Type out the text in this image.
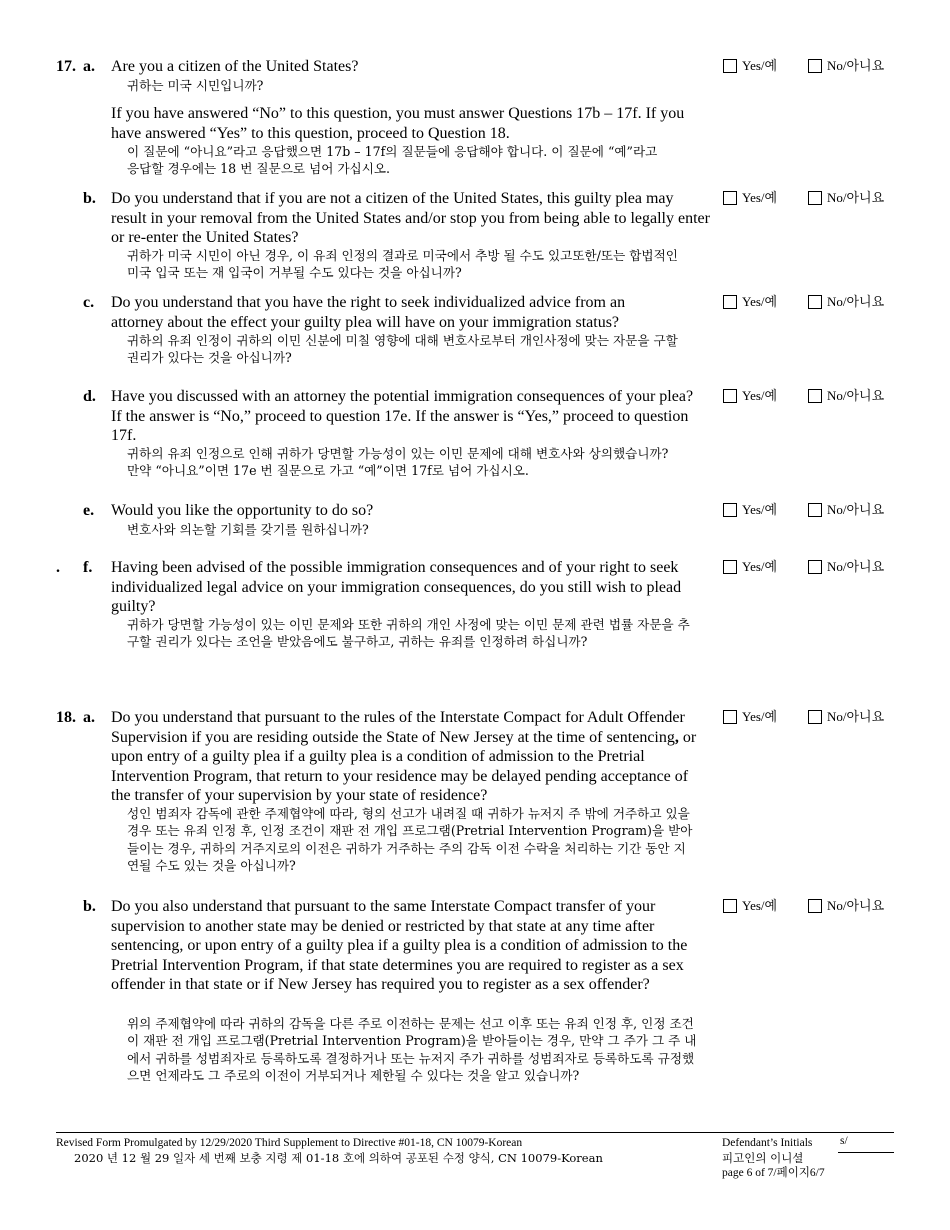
17. a. Are you a citizen of the United States?
귀하는 미국 시민입니까?
If you have answered “No” to this question, you must answer Questions 17b – 17f. If you have answered “Yes” to this question, proceed to Question 18.
이 질문에 “아니요”라고 응답했으면 17b – 17f의 질문들에 응답해야 합니다. 이 질문에 “예”라고 응답할 경우에는 18 번 질문으로 넘어 가십시오.
Yes/예	No/아니요
b. Do you understand that if you are not a citizen of the United States, this guilty plea may result in your removal from the United States and/or stop you from being able to legally enter or re-enter the United States?
귀하가 미국 시민이 아닌 경우, 이 유죄 인정의 결과로 미국에서 추방 될 수도 있고또한/또는 합법적인 미국 입국 또는 재 입국이 거부될 수도 있다는 것을 아십니까?
Yes/예	No/아니요
c. Do you understand that you have the right to seek individualized advice from an attorney about the effect your guilty plea will have on your immigration status?
귀하의 유죄 인정이 귀하의 이민 신분에 미칠 영향에 대해 변호사로부터 개인사정에 맞는 자문을 구할 권리가 있다는 것을 아십니까?
Yes/예	No/아니요
d. Have you discussed with an attorney the potential immigration consequences of your plea? If the answer is “No,” proceed to question 17e. If the answer is “Yes,” proceed to question 17f.
귀하의 유죄 인정으로 인해 귀하가 당면할 가능성이 있는 이민 문제에 대해 변호사와 상의했습니까? 만약 “아니요”이면 17e 번 질문으로 가고 “예”이면 17f로 넘어 가십시오.
Yes/예	No/아니요
e. Would you like the opportunity to do so?
변호사와 의논할 기회를 갖기를 원하십니까?
Yes/예	No/아니요
. f. Having been advised of the possible immigration consequences and of your right to seek individualized legal advice on your immigration consequences, do you still wish to plead guilty?
귀하가 당면할 가능성이 있는 이민 문제와 또한 귀하의 개인 사정에 맞는 이민 문제 관련 법률 자문을 추구할 권리가 있다는 조언을 받았음에도 불구하고, 귀하는 유죄를 인정하려 하십니까?
Yes/예	No/아니요
18. a. Do you understand that pursuant to the rules of the Interstate Compact for Adult Offender Supervision if you are residing outside the State of New Jersey at the time of sentencing, or upon entry of a guilty plea if a guilty plea is a condition of admission to the Pretrial Intervention Program, that return to your residence may be delayed pending acceptance of the transfer of your supervision by your state of residence?
성인 범죄자 감독에 관한 주제협약에 따라, 형의 선고가 내려질 때 귀하가 뉴저지 주 밖에 거주하고 있을 경우 또는 유죄 인정 후, 인정 조건이 재판 전 개입 프로그램(Pretrial Intervention Program)을 받아들이는 경우, 귀하의 거주지로의 이전은 귀하가 거주하는 주의 감독 이전 수락을 처리하는 기간 동안 지연될 수도 있는 것을 아십니까?
Yes/예	No/아니요
b. Do you also understand that pursuant to the same Interstate Compact transfer of your supervision to another state may be denied or restricted by that state at any time after sentencing, or upon entry of a guilty plea if a guilty plea is a condition of admission to the Pretrial Intervention Program, if that state determines you are required to register as a sex offender in that state or if New Jersey has required you to register as a sex offender?
위의 주제협약에 따라 귀하의 감독을 다른 주로 이전하는 문제는 선고 이후 또는 유죄 인정 후, 인정 조건이 재판 전 개입 프로그램(Pretrial Intervention Program)을 받아들이는 경우, 만약 그 주가 그 주 내에서 귀하를 성범죄자로 등록하도록 결정하거나 또는 뉴저지 주가 귀하를 성범죄자로 등록하도록 규정했으면 언제라도 그 주로의 이전이 거부되거나 제한될 수 있다는 것을 알고 있습니까?
Yes/예	No/아니요
Revised Form Promulgated by 12/29/2020 Third Supplement to Directive #01-18, CN 10079-Korean
2020 년 12 월 29 일자 세 번째 보충 지령 제 01-18 호에 의하여 공포된 수정 양식, CN 10079-Korean
Defendant’s Initials s/
피고인의 이니셜
page 6 of 7/페이지6/7
